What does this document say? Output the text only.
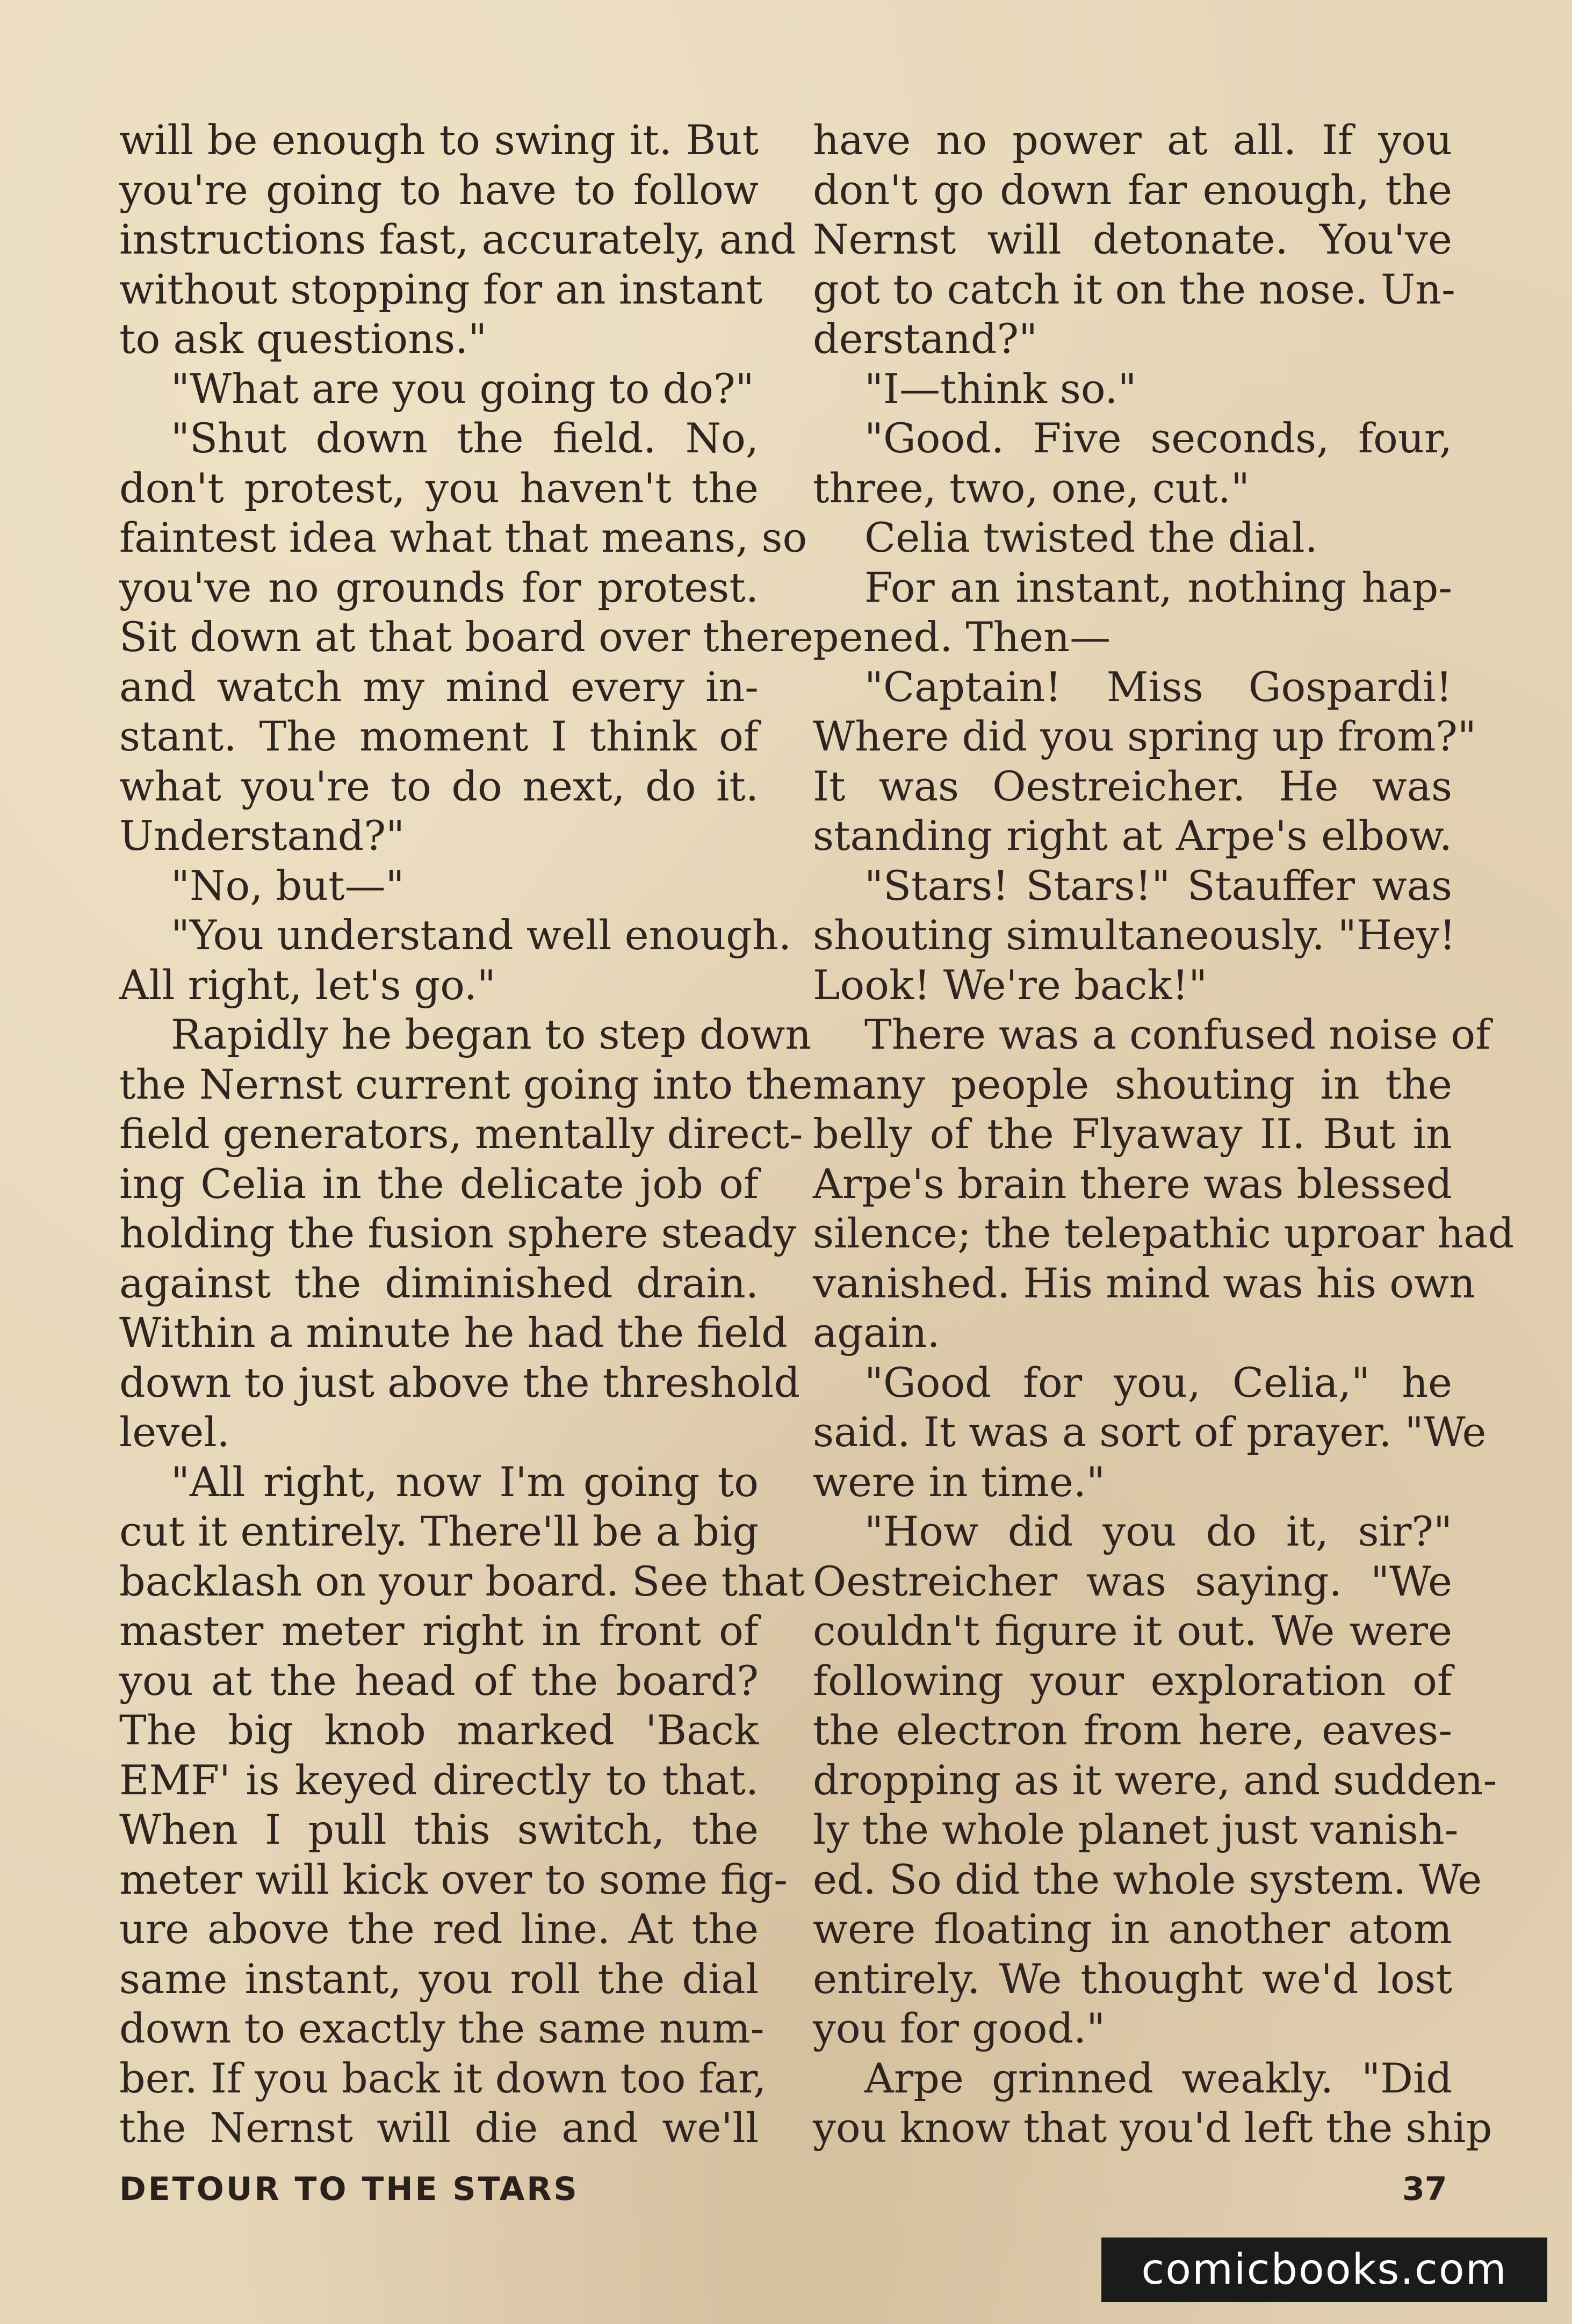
will be enough to swing it. But
you're going to have to follow
instructions fast, accurately, and
without stopping for an instant
to ask questions."
"What are you going to do?"
"Shut down the field. No,
don't protest, you haven't the
faintest idea what that means, so
you've no grounds for protest.
Sit down at that board over there
and watch my mind every in-
stant. The moment I think of
what you're to do next, do it.
Understand?"
"No, but—"
"You understand well enough.
All right, let's go."
Rapidly he began to step down
the Nernst current going into the
field generators, mentally direct-
ing Celia in the delicate job of
holding the fusion sphere steady
against the diminished drain.
Within a minute he had the field
down to just above the threshold
level.
"All right, now I'm going to
cut it entirely. There'll be a big
backlash on your board. See that
master meter right in front of
you at the head of the board?
The big knob marked 'Back
EMF' is keyed directly to that.
When I pull this switch, the
meter will kick over to some fig-
ure above the red line. At the
same instant, you roll the dial
down to exactly the same num-
ber. If you back it down too far,
the Nernst will die and we'll
have no power at all. If you
don't go down far enough, the
Nernst will detonate. You've
got to catch it on the nose. Un-
derstand?"
"I—think so."
"Good. Five seconds, four,
three, two, one, cut."
Celia twisted the dial.
For an instant, nothing hap-
pened. Then—
"Captain! Miss Gospardi!
Where did you spring up from?"
It was Oestreicher. He was
standing right at Arpe's elbow.
"Stars! Stars!" Stauffer was
shouting simultaneously. "Hey!
Look! We're back!"
There was a confused noise of
many people shouting in the
belly of the Flyaway II. But in
Arpe's brain there was blessed
silence; the telepathic uproar had
vanished. His mind was his own
again.
"Good for you, Celia," he
said. It was a sort of prayer. "We
were in time."
"How did you do it, sir?"
Oestreicher was saying. "We
couldn't figure it out. We were
following your exploration of
the electron from here, eaves-
dropping as it were, and sudden-
ly the whole planet just vanish-
ed. So did the whole system. We
were floating in another atom
entirely. We thought we'd lost
you for good."
Arpe grinned weakly. "Did
you know that you'd left the ship
DETOUR TO THE STARS	37
comicbooks.com
